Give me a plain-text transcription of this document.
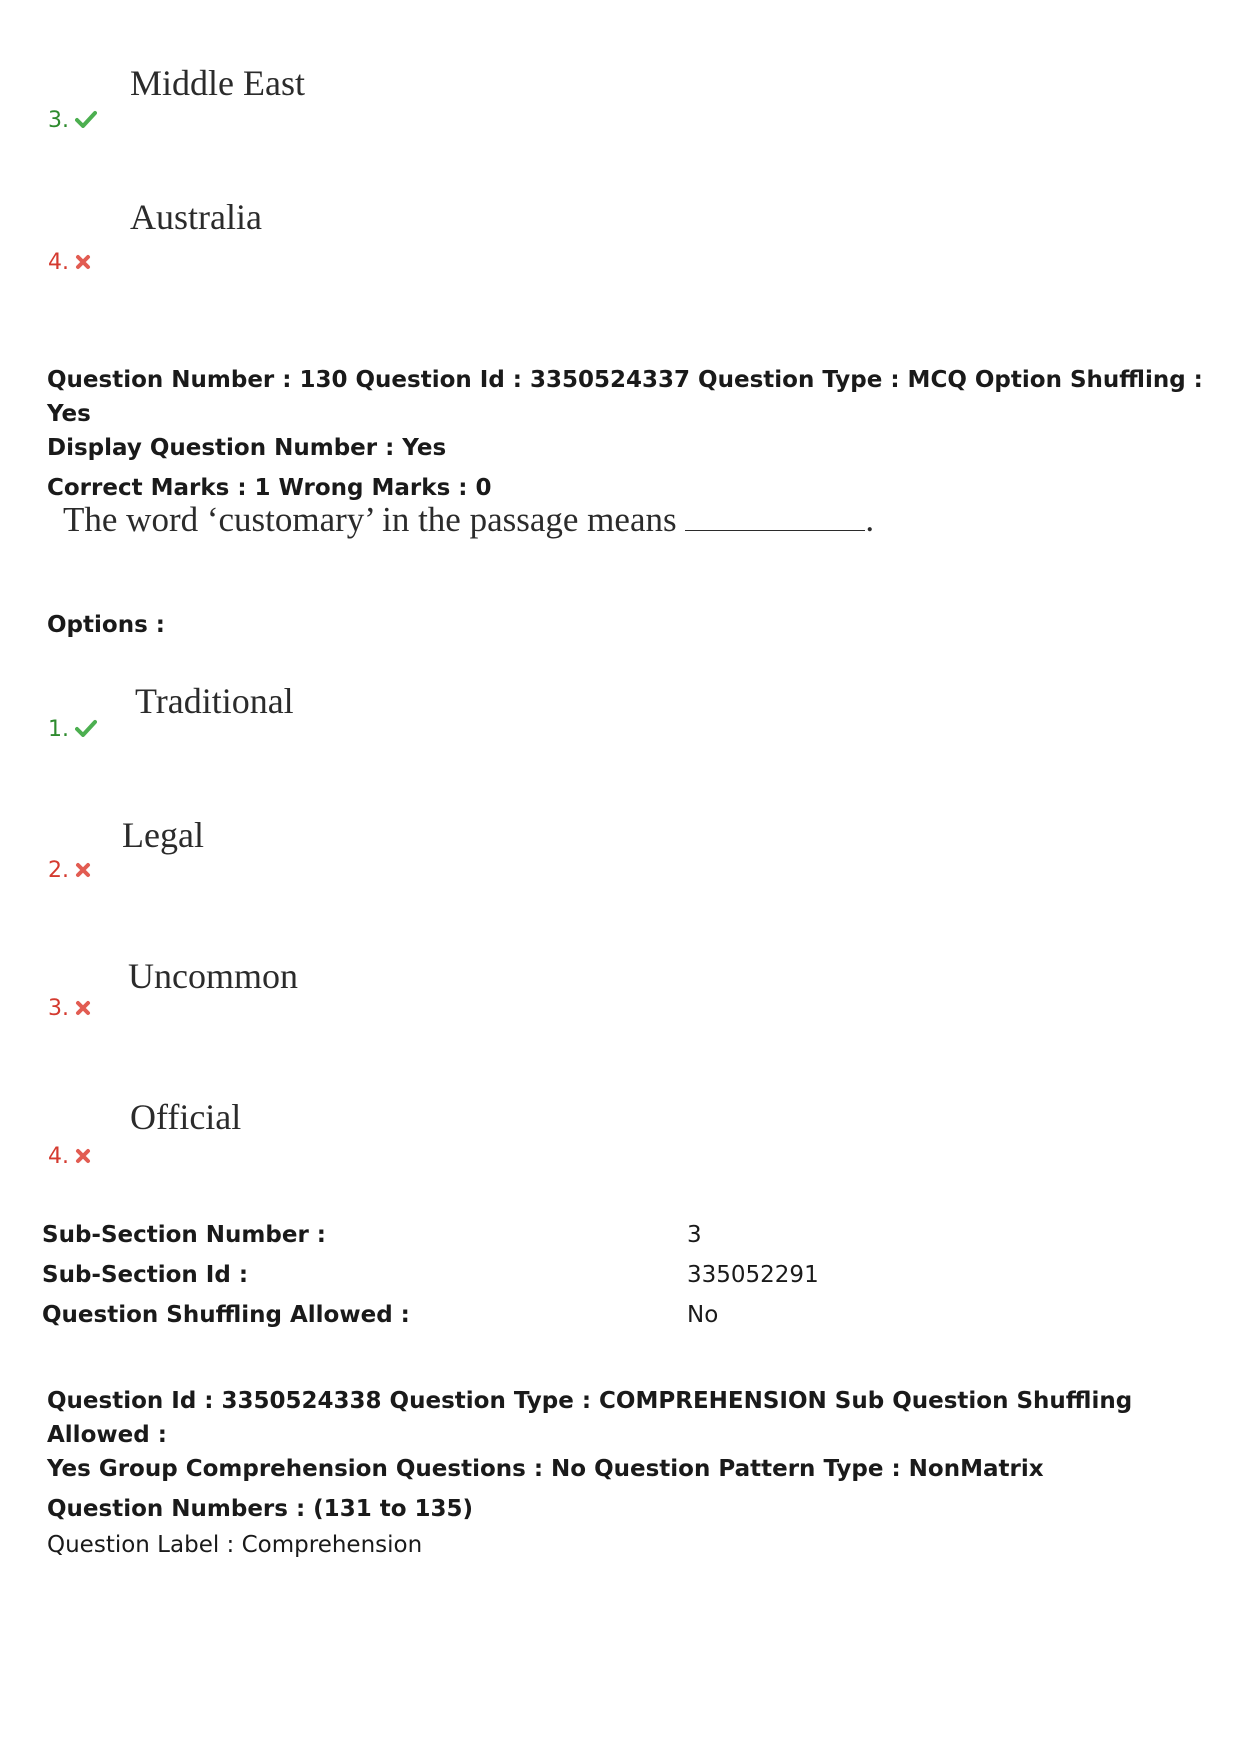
Middle East
3.
Australia
4.
Question Number : 130 Question Id : 3350524337 Question Type : MCQ Option Shuffling : Yes
Display Question Number : Yes
Correct Marks : 1 Wrong Marks : 0
The word ‘customary’ in the passage means	.
Options :
Traditional
1.
Legal
2.
Uncommon
3.
Official
4.
Sub-Section Number :	3
Sub-Section Id :	335052291
Question Shuffling Allowed :	No
Question Id : 3350524338 Question Type : COMPREHENSION Sub Question Shuffling Allowed :
Yes Group Comprehension Questions : No Question Pattern Type : NonMatrix
Question Numbers : (131 to 135)
Question Label : Comprehension
